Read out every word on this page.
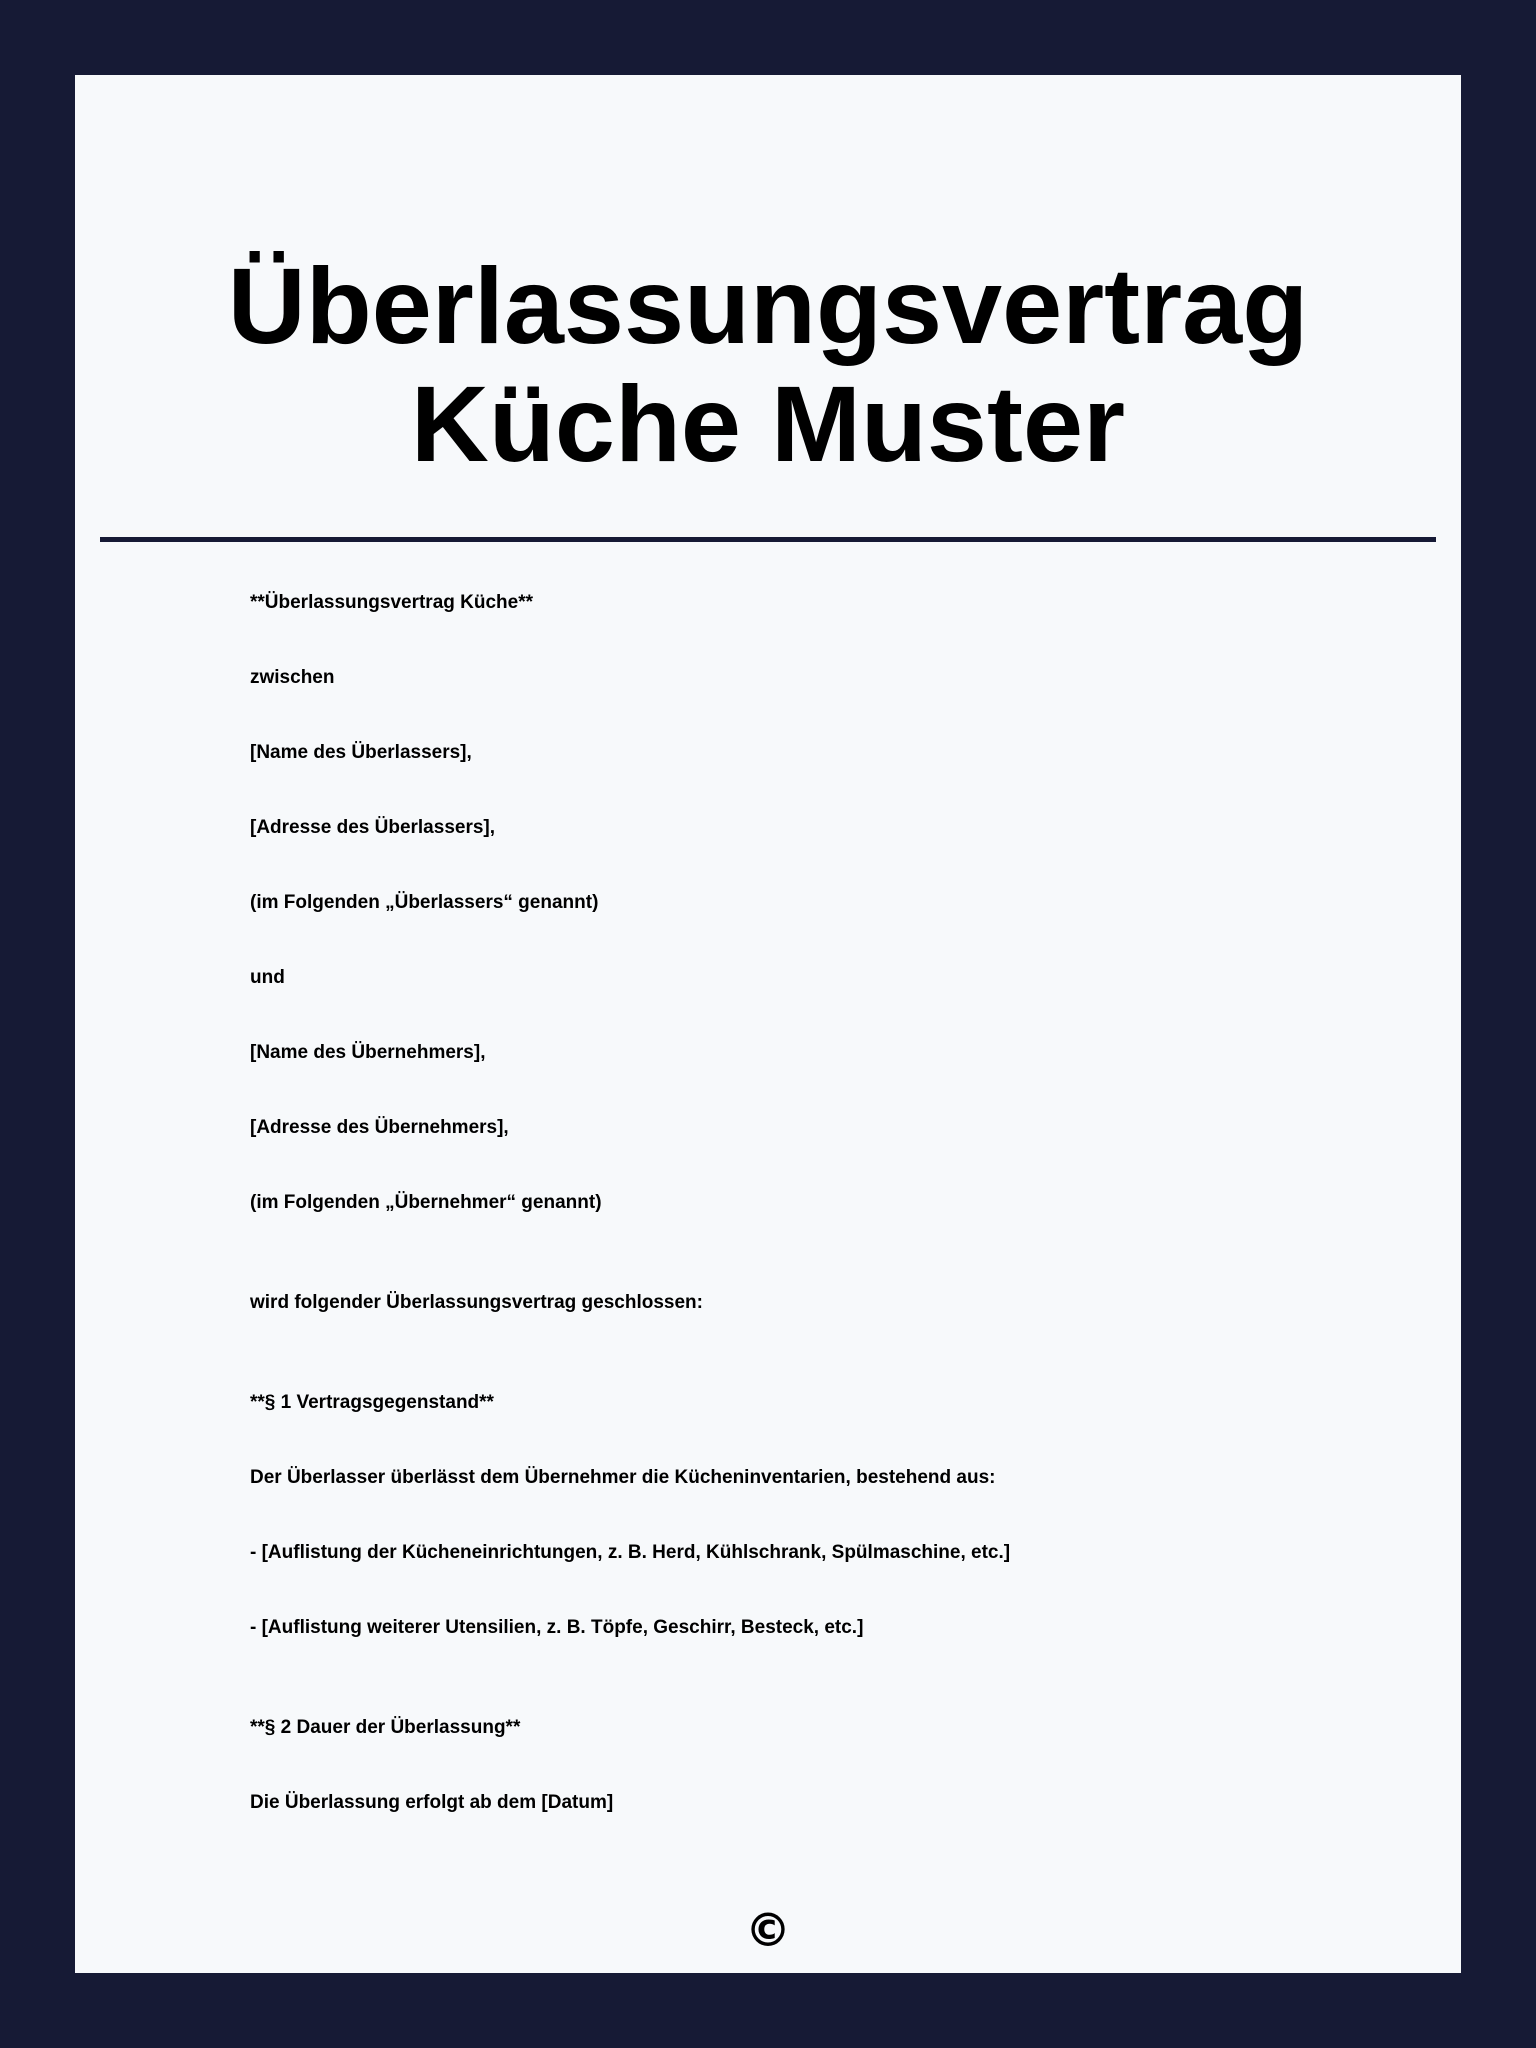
Überlassungsvertrag Küche Muster

**Überlassungsvertrag Küche**

zwischen

[Name des Überlassers],

[Adresse des Überlassers],

(im Folgenden „Überlassers“ genannt)

und

[Name des Übernehmers],

[Adresse des Übernehmers],

(im Folgenden „Übernehmer“ genannt)

wird folgender Überlassungsvertrag geschlossen:

**§ 1 Vertragsgegenstand**

Der Überlasser überlässt dem Übernehmer die Kücheninventarien, bestehend aus:

- [Auflistung der Kücheneinrichtungen, z. B. Herd, Kühlschrank, Spülmaschine, etc.]

- [Auflistung weiterer Utensilien, z. B. Töpfe, Geschirr, Besteck, etc.]

**§ 2 Dauer der Überlassung**

Die Überlassung erfolgt ab dem [Datum]

©
